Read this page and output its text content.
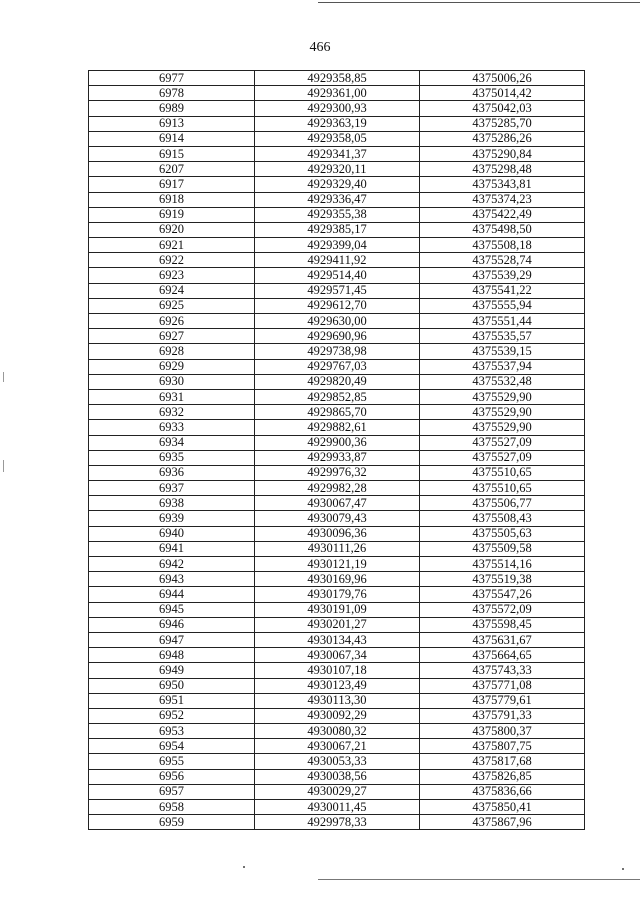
466
6977	4929358,85	4375006,26
6978	4929361,00	4375014,42
6989	4929300,93	4375042,03
6913	4929363,19	4375285,70
6914	4929358,05	4375286,26
6915	4929341,37	4375290,84
6207	4929320,11	4375298,48
6917	4929329,40	4375343,81
6918	4929336,47	4375374,23
6919	4929355,38	4375422,49
6920	4929385,17	4375498,50
6921	4929399,04	4375508,18
6922	4929411,92	4375528,74
6923	4929514,40	4375539,29
6924	4929571,45	4375541,22
6925	4929612,70	4375555,94
6926	4929630,00	4375551,44
6927	4929690,96	4375535,57
6928	4929738,98	4375539,15
6929	4929767,03	4375537,94
6930	4929820,49	4375532,48
6931	4929852,85	4375529,90
6932	4929865,70	4375529,90
6933	4929882,61	4375529,90
6934	4929900,36	4375527,09
6935	4929933,87	4375527,09
6936	4929976,32	4375510,65
6937	4929982,28	4375510,65
6938	4930067,47	4375506,77
6939	4930079,43	4375508,43
6940	4930096,36	4375505,63
6941	4930111,26	4375509,58
6942	4930121,19	4375514,16
6943	4930169,96	4375519,38
6944	4930179,76	4375547,26
6945	4930191,09	4375572,09
6946	4930201,27	4375598,45
6947	4930134,43	4375631,67
6948	4930067,34	4375664,65
6949	4930107,18	4375743,33
6950	4930123,49	4375771,08
6951	4930113,30	4375779,61
6952	4930092,29	4375791,33
6953	4930080,32	4375800,37
6954	4930067,21	4375807,75
6955	4930053,33	4375817,68
6956	4930038,56	4375826,85
6957	4930029,27	4375836,66
6958	4930011,45	4375850,41
6959	4929978,33	4375867,96
